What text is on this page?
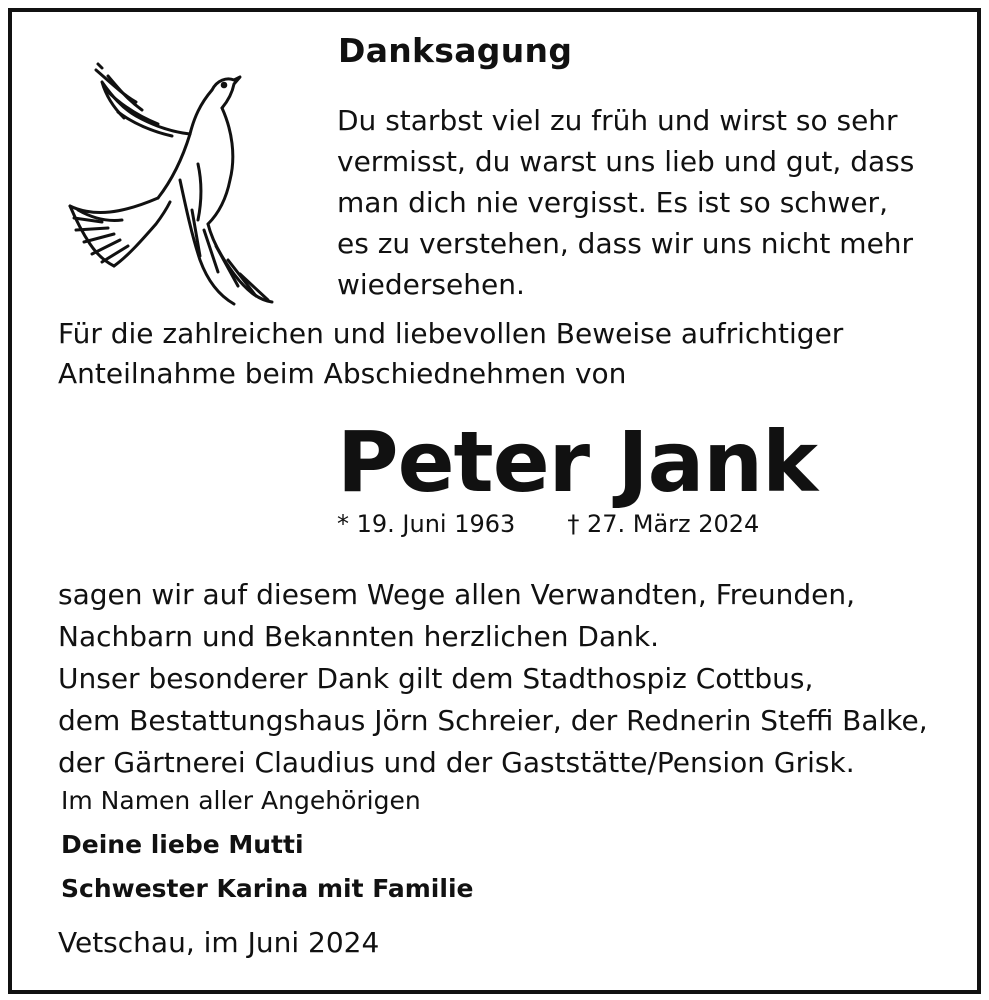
Danksagung
Du starbst viel zu früh und wirst so sehr
vermisst, du warst uns lieb und gut, dass
man dich nie vergisst. Es ist so schwer,
es zu verstehen, dass wir uns nicht mehr
wiedersehen.
Für die zahlreichen und liebevollen Beweise aufrichtiger
Anteilnahme beim Abschiednehmen von
Peter Jank
* 19. Juni 1963 † 27. März 2024
sagen wir auf diesem Wege allen Verwandten, Freunden,
Nachbarn und Bekannten herzlichen Dank.
Unser besonderer Dank gilt dem Stadthospiz Cottbus,
dem Bestattungshaus Jörn Schreier, der Rednerin Steffi Balke,
der Gärtnerei Claudius und der Gaststätte/Pension Grisk.
Im Namen aller Angehörigen
Deine liebe Mutti
Schwester Karina mit Familie
Vetschau, im Juni 2024
